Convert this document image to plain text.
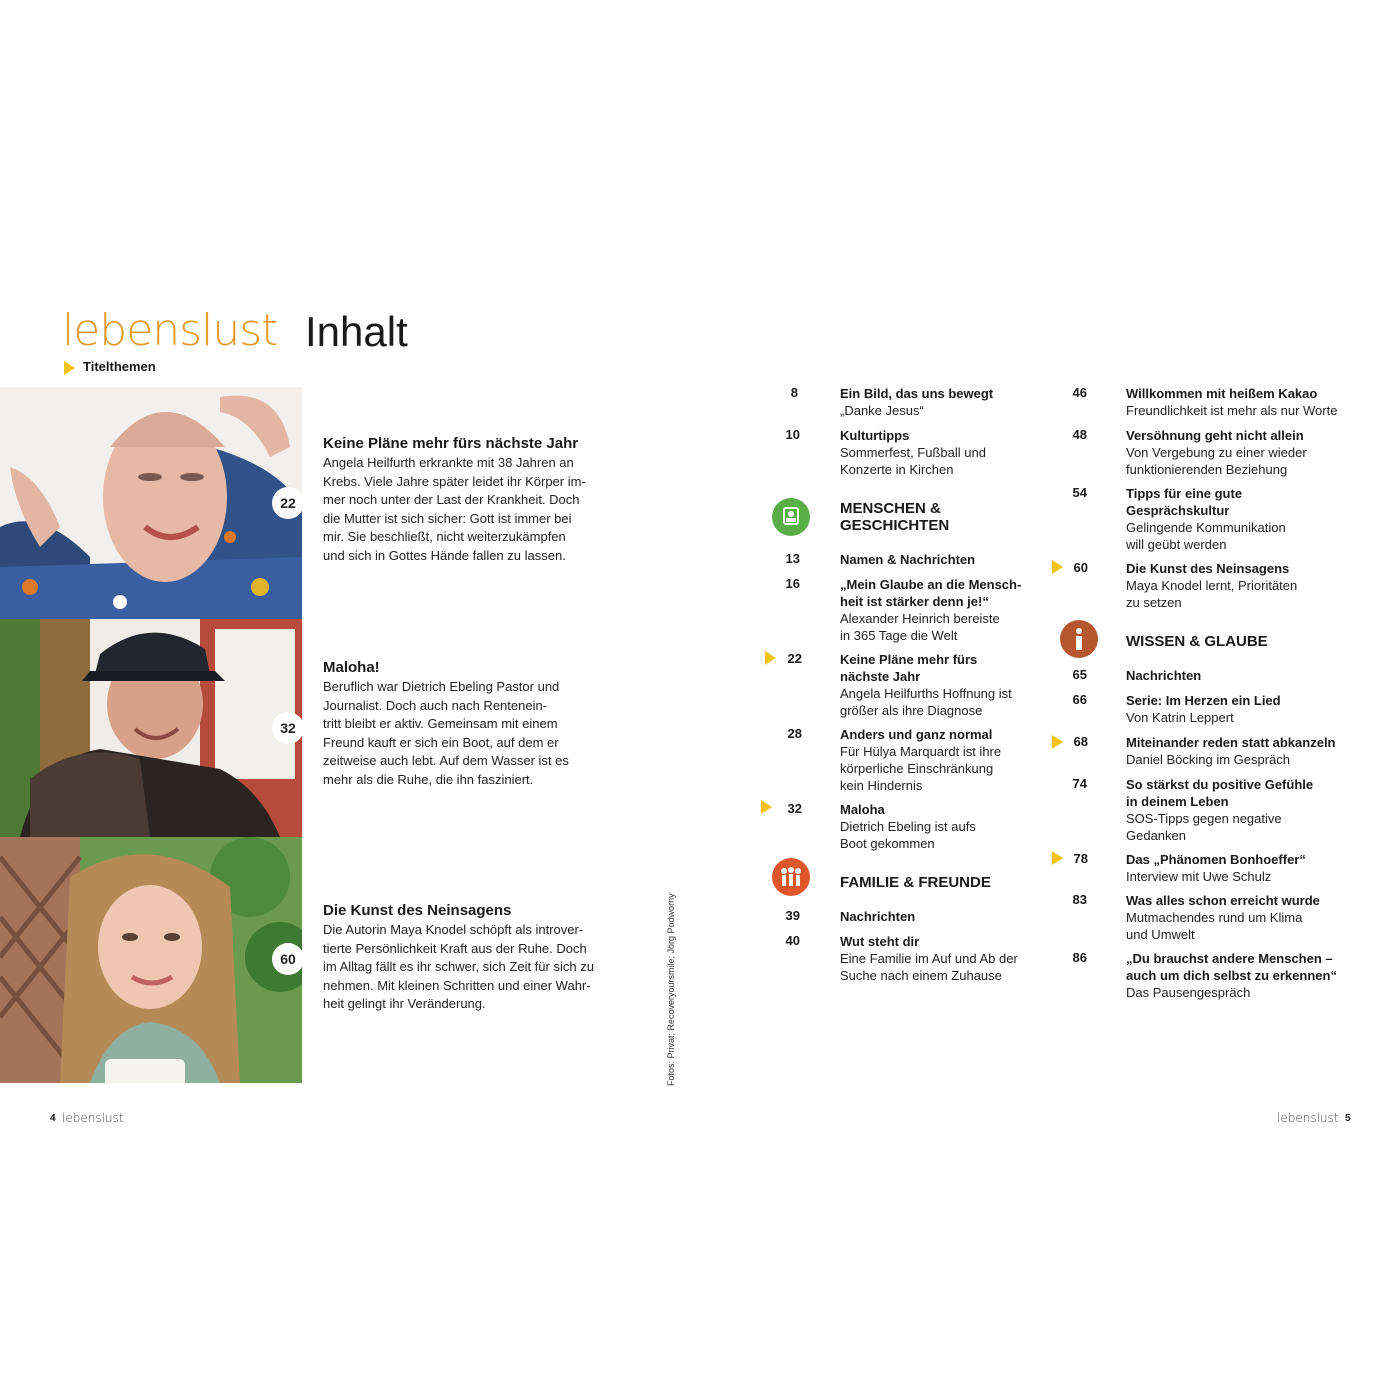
lebenslust Inhalt
Titelthemen
22
32
60
Keine Pläne mehr fürs nächste Jahr
Angela Heilfurth erkrankte mit 38 Jahren an
Krebs. Viele Jahre später leidet ihr Körper im-
mer noch unter der Last der Krankheit. Doch
die Mutter ist sich sicher: Gott ist immer bei
mir. Sie beschließt, nicht weiterzukämpfen
und sich in Gottes Hände fallen zu lassen.
Maloha!
Beruflich war Dietrich Ebeling Pastor und
Journalist. Doch auch nach Rentenein-
tritt bleibt er aktiv. Gemeinsam mit einem
Freund kauft er sich ein Boot, auf dem er
zeitweise auch lebt. Auf dem Wasser ist es
mehr als die Ruhe, die ihn fasziniert.
Die Kunst des Neinsagens
Die Autorin Maya Knodel schöpft als introver-
tierte Persönlichkeit Kraft aus der Ruhe. Doch
im Alltag fällt es ihr schwer, sich Zeit für sich zu
nehmen. Mit kleinen Schritten und einer Wahr-
heit gelingt ihr Veränderung.	Fotos: Privat; Recoveryoursmile; Jörg Podworny
8	Ein Bild, das uns bewegt
„Danke Jesus“
10	Kulturtipps
Sommerfest, Fußball und
Konzerte in Kirchen
MENSCHEN &
GESCHICHTEN
13	Namen & Nachrichten
16	„Mein Glaube an die Mensch-
heit ist stärker denn je!“
Alexander Heinrich bereiste
in 365 Tage die Welt
22	Keine Pläne mehr fürs
nächste Jahr
Angela Heilfurths Hoffnung ist
größer als ihre Diagnose
28	Anders und ganz normal
Für Hülya Marquardt ist ihre
körperliche Einschränkung
kein Hindernis
32	Maloha
Dietrich Ebeling ist aufs
Boot gekommen
FAMILIE & FREUNDE
39	Nachrichten
40	Wut steht dir
Eine Familie im Auf und Ab der
Suche nach einem Zuhause
46	Willkommen mit heißem Kakao
Freundlichkeit ist mehr als nur Worte
48	Versöhnung geht nicht allein
Von Vergebung zu einer wieder
funktionierenden Beziehung
54	Tipps für eine gute
Gesprächskultur
Gelingende Kommunikation
will geübt werden
60	Die Kunst des Neinsagens
Maya Knodel lernt, Prioritäten
zu setzen
WISSEN & GLAUBE
65	Nachrichten
66	Serie: Im Herzen ein Lied
Von Katrin Leppert
68	Miteinander reden statt abkanzeln
Daniel Böcking im Gespräch
74	So stärkst du positive Gefühle
in deinem Leben
SOS-Tipps gegen negative
Gedanken
78	Das „Phänomen Bonhoeffer“
Interview mit Uwe Schulz
83	Was alles schon erreicht wurde
Mutmachendes rund um Klima
und Umwelt
86	„Du brauchst andere Menschen –
auch um dich selbst zu erkennen“
Das Pausengespräch
4 lebenslust	lebenslust 5
